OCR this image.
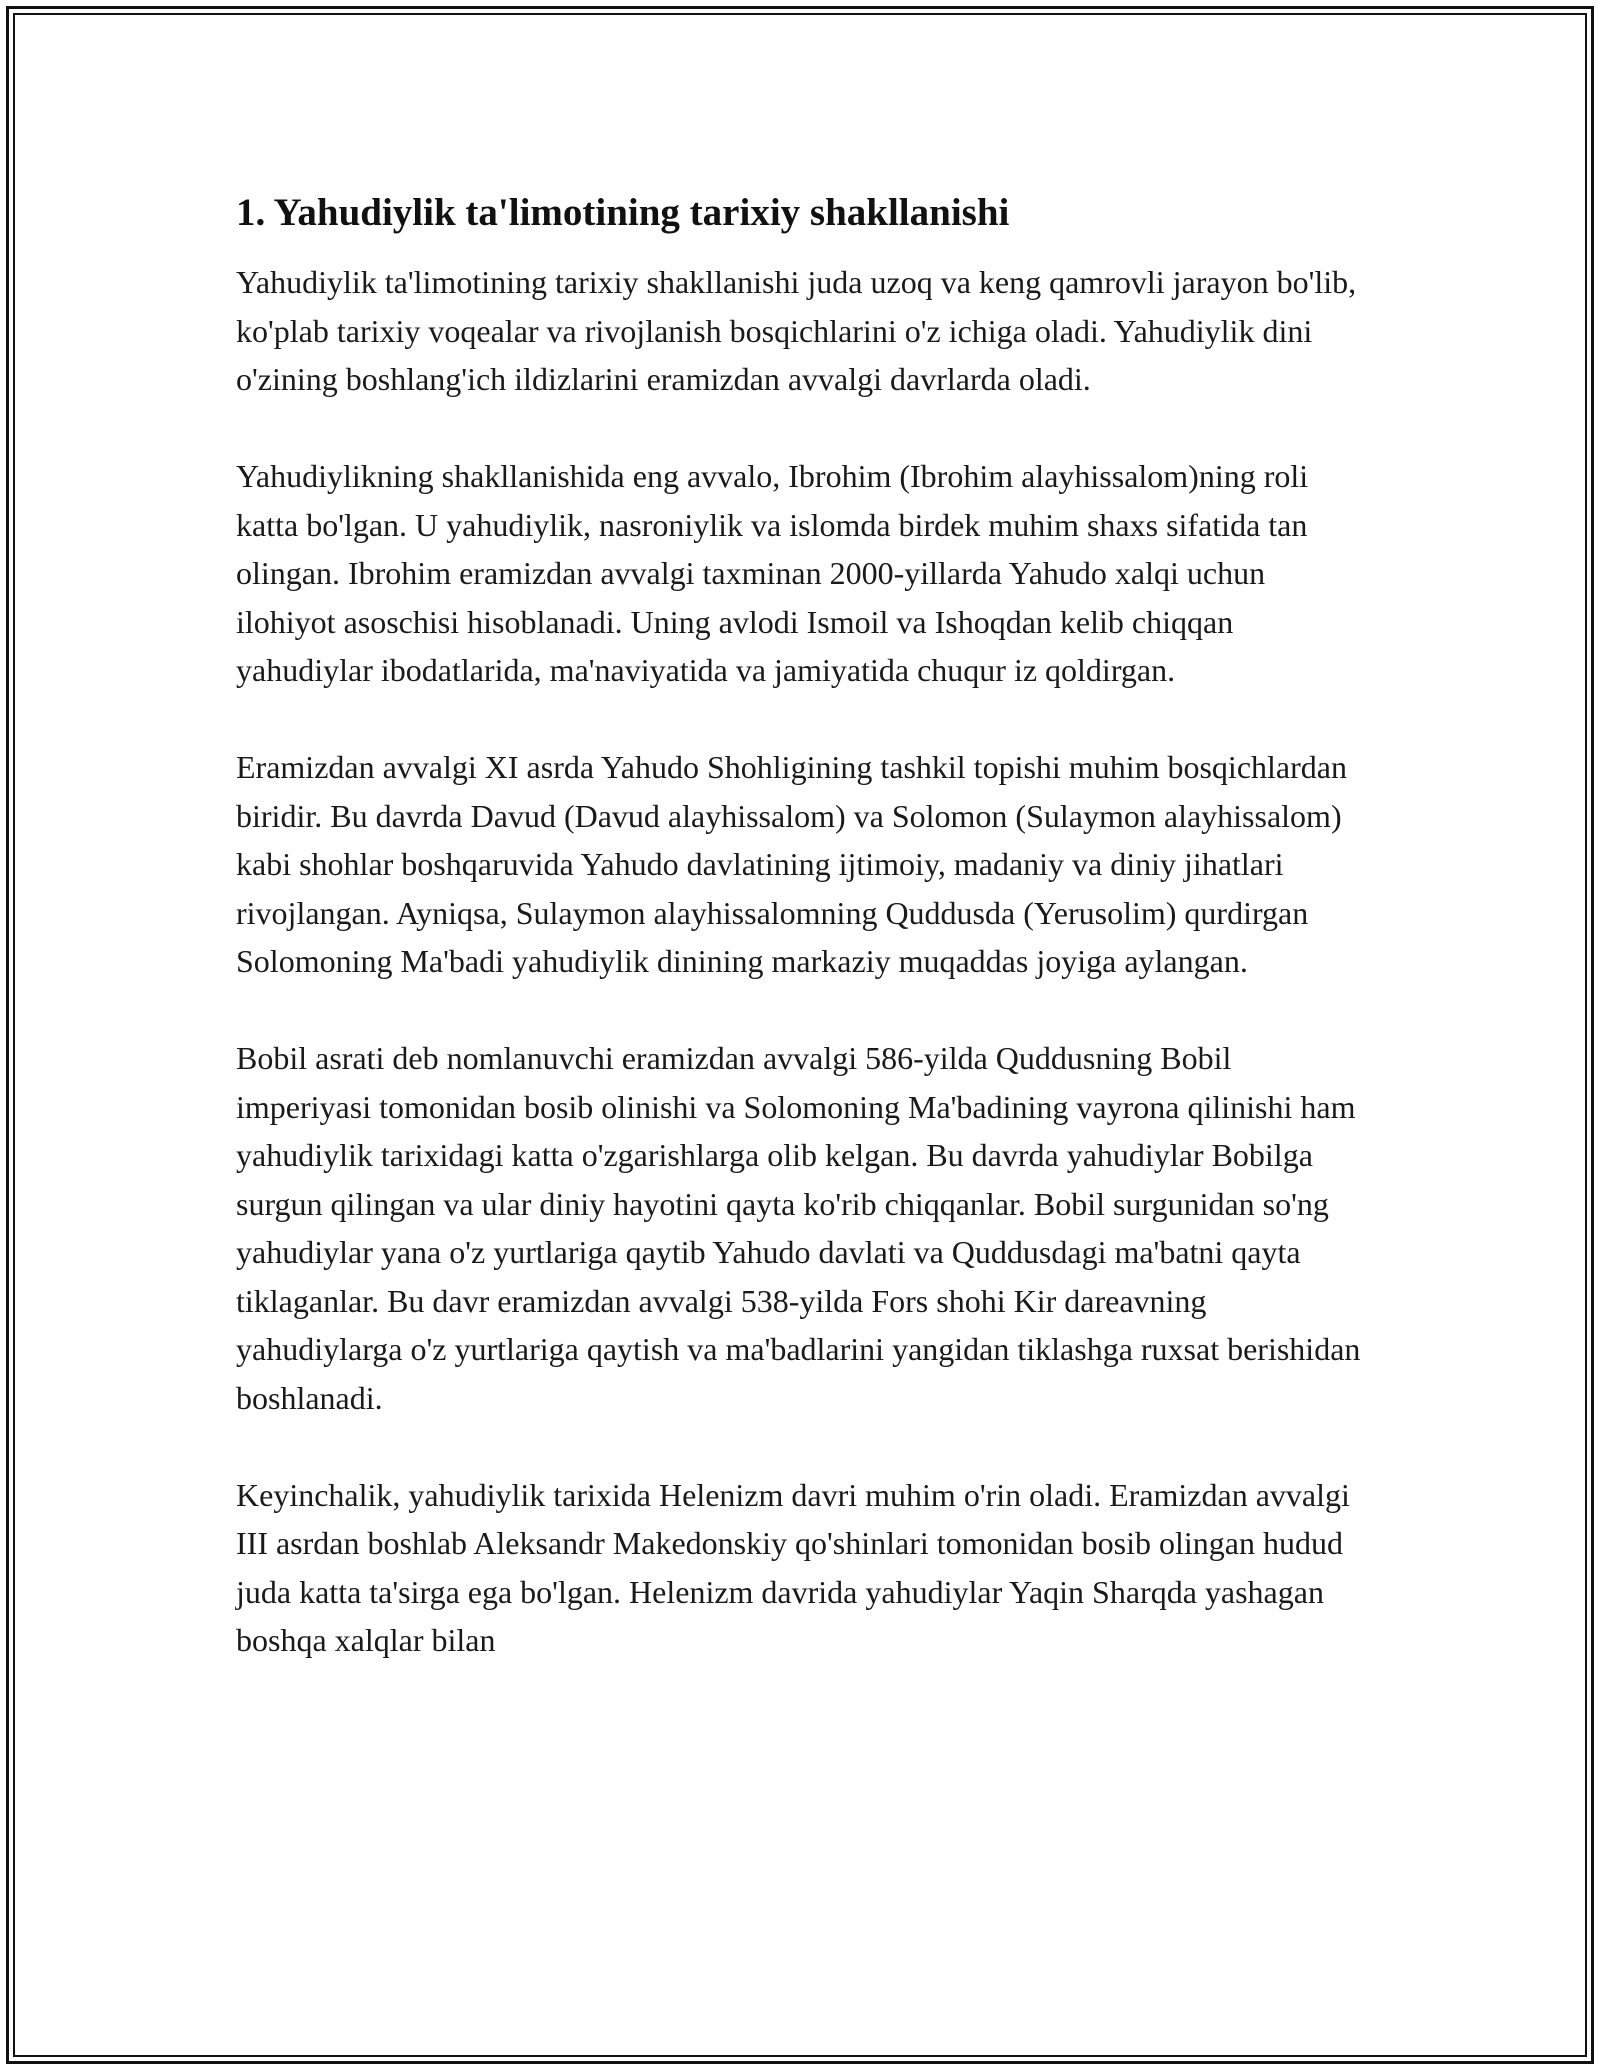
1. Yahudiylik ta'limotining tarixiy shakllanishi

Yahudiylik ta'limotining tarixiy shakllanishi juda uzoq va keng qamrovli jarayon bo'lib, ko'plab tarixiy voqealar va rivojlanish bosqichlarini o'z ichiga oladi. Yahudiylik dini o'zining boshlang'ich ildizlarini eramizdan avvalgi davrlarda oladi.

Yahudiylikning shakllanishida eng avvalo, Ibrohim (Ibrohim alayhissalom)ning roli katta bo'lgan. U yahudiylik, nasroniylik va islomda birdek muhim shaxs sifatida tan olingan. Ibrohim eramizdan avvalgi taxminan 2000-yillarda Yahudo xalqi uchun ilohiyot asoschisi hisoblanadi. Uning avlodi Ismoil va Ishoqdan kelib chiqqan yahudiylar ibodatlarida, ma'naviyatida va jamiyatida chuqur iz qoldirgan.

Eramizdan avvalgi XI asrda Yahudo Shohligining tashkil topishi muhim bosqichlardan biridir. Bu davrda Davud (Davud alayhissalom) va Solomon (Sulaymon alayhissalom) kabi shohlar boshqaruvida Yahudo davlatining ijtimoiy, madaniy va diniy jihatlari rivojlangan. Ayniqsa, Sulaymon alayhissalomning Quddusda (Yerusolim) qurdirgan Solomoning Ma'badi yahudiylik dinining markaziy muqaddas joyiga aylangan.

Bobil asrati deb nomlanuvchi eramizdan avvalgi 586-yilda Quddusning Bobil imperiyasi tomonidan bosib olinishi va Solomoning Ma'badining vayrona qilinishi ham yahudiylik tarixidagi katta o'zgarishlarga olib kelgan. Bu davrda yahudiylar Bobilga surgun qilingan va ular diniy hayotini qayta ko'rib chiqqanlar. Bobil surgunidan so'ng yahudiylar yana o'z yurtlariga qaytib Yahudo davlati va Quddusdagi ma'batni qayta tiklaganlar. Bu davr eramizdan avvalgi 538-yilda Fors shohi Kir dareavning yahudiylarga o'z yurtlariga qaytish va ma'badlarini yangidan tiklashga ruxsat berishidan boshlanadi.

Keyinchalik, yahudiylik tarixida Helenizm davri muhim o'rin oladi. Eramizdan avvalgi III asrdan boshlab Aleksandr Makedonskiy qo'shinlari tomonidan bosib olingan hudud juda katta ta'sirga ega bo'lgan. Helenizm davrida yahudiylar Yaqin Sharqda yashagan boshqa xalqlar bilan
